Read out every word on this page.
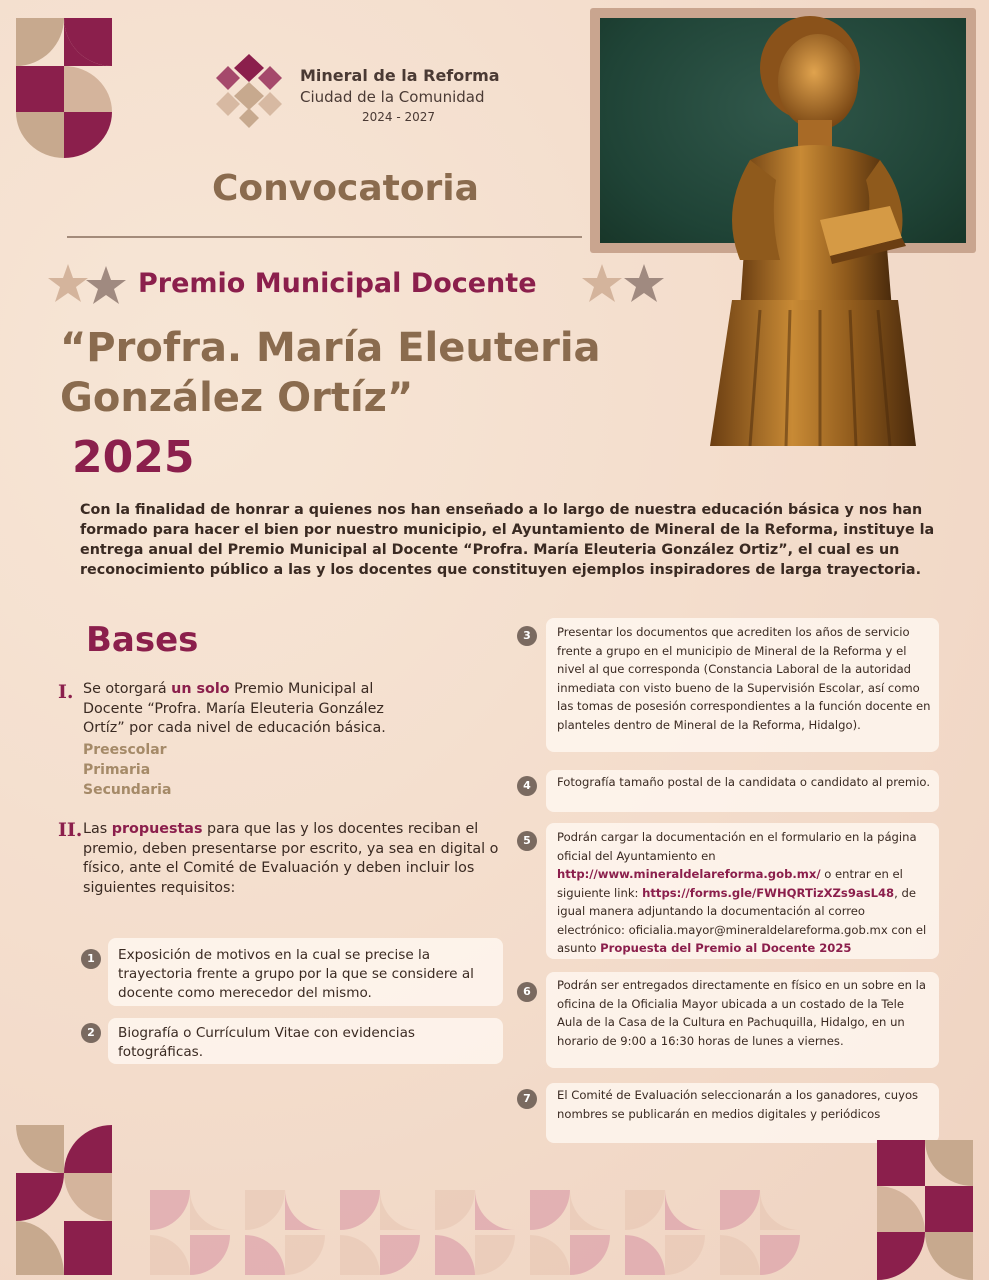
Mineral de la Reforma
Ciudad de la Comunidad
2024 - 2027
Convocatoria
Premio Municipal Docente
“Profra. María Eleuteria
González Ortíz”
2025
Con la finalidad de honrar a quienes nos han enseñado a lo largo de nuestra educación básica y nos han formado para hacer el bien por nuestro municipio, el Ayuntamiento de Mineral de la Reforma, instituye la entrega anual del Premio Municipal al Docente “Profra. María Eleuteria González Ortiz”, el cual es un reconocimiento público a las y los docentes que constituyen ejemplos inspiradores de larga trayectoria.
Bases
I. Se otorgará un solo Premio Municipal al Docente “Profra. María Eleuteria González Ortíz” por cada nivel de educación básica.
Preescolar
Primaria
Secundaria
II. Las propuestas para que las y los docentes reciban el premio, deben presentarse por escrito, ya sea en digital o físico, ante el Comité de Evaluación y deben incluir los siguientes requisitos:
Exposición de motivos en la cual se precise la trayectoria frente a grupo por la que se considere al docente como merecedor del mismo.
1
Biografía o Currículum Vitae con evidencias fotográficas.
2
Presentar los documentos que acrediten los años de servicio frente a grupo en el municipio de Mineral de la Reforma y el nivel al que corresponda (Constancia Laboral de la autoridad inmediata con visto bueno de la Supervisión Escolar, así como las tomas de posesión correspondientes a la función docente en planteles dentro de Mineral de la Reforma, Hidalgo).
3
Fotografía tamaño postal de la candidata o candidato al premio.
4
Podrán cargar la documentación en el formulario en la página oficial del Ayuntamiento en http://www.mineraldelareforma.gob.mx/ o entrar en el siguiente link: https://forms.gle/FWHQRTizXZs9asL48, de igual manera adjuntando la documentación al correo electrónico: oficialia.mayor@mineraldelareforma.gob.mx con el asunto Propuesta del Premio al Docente 2025
5
Podrán ser entregados directamente en físico en un sobre en la oficina de la Oficialia Mayor ubicada a un costado de la Tele Aula de la Casa de la Cultura en Pachuquilla, Hidalgo, en un horario de 9:00 a 16:30 horas de lunes a viernes.
6
El Comité de Evaluación seleccionarán a los ganadores, cuyos nombres se publicarán en medios digitales y periódicos
7
